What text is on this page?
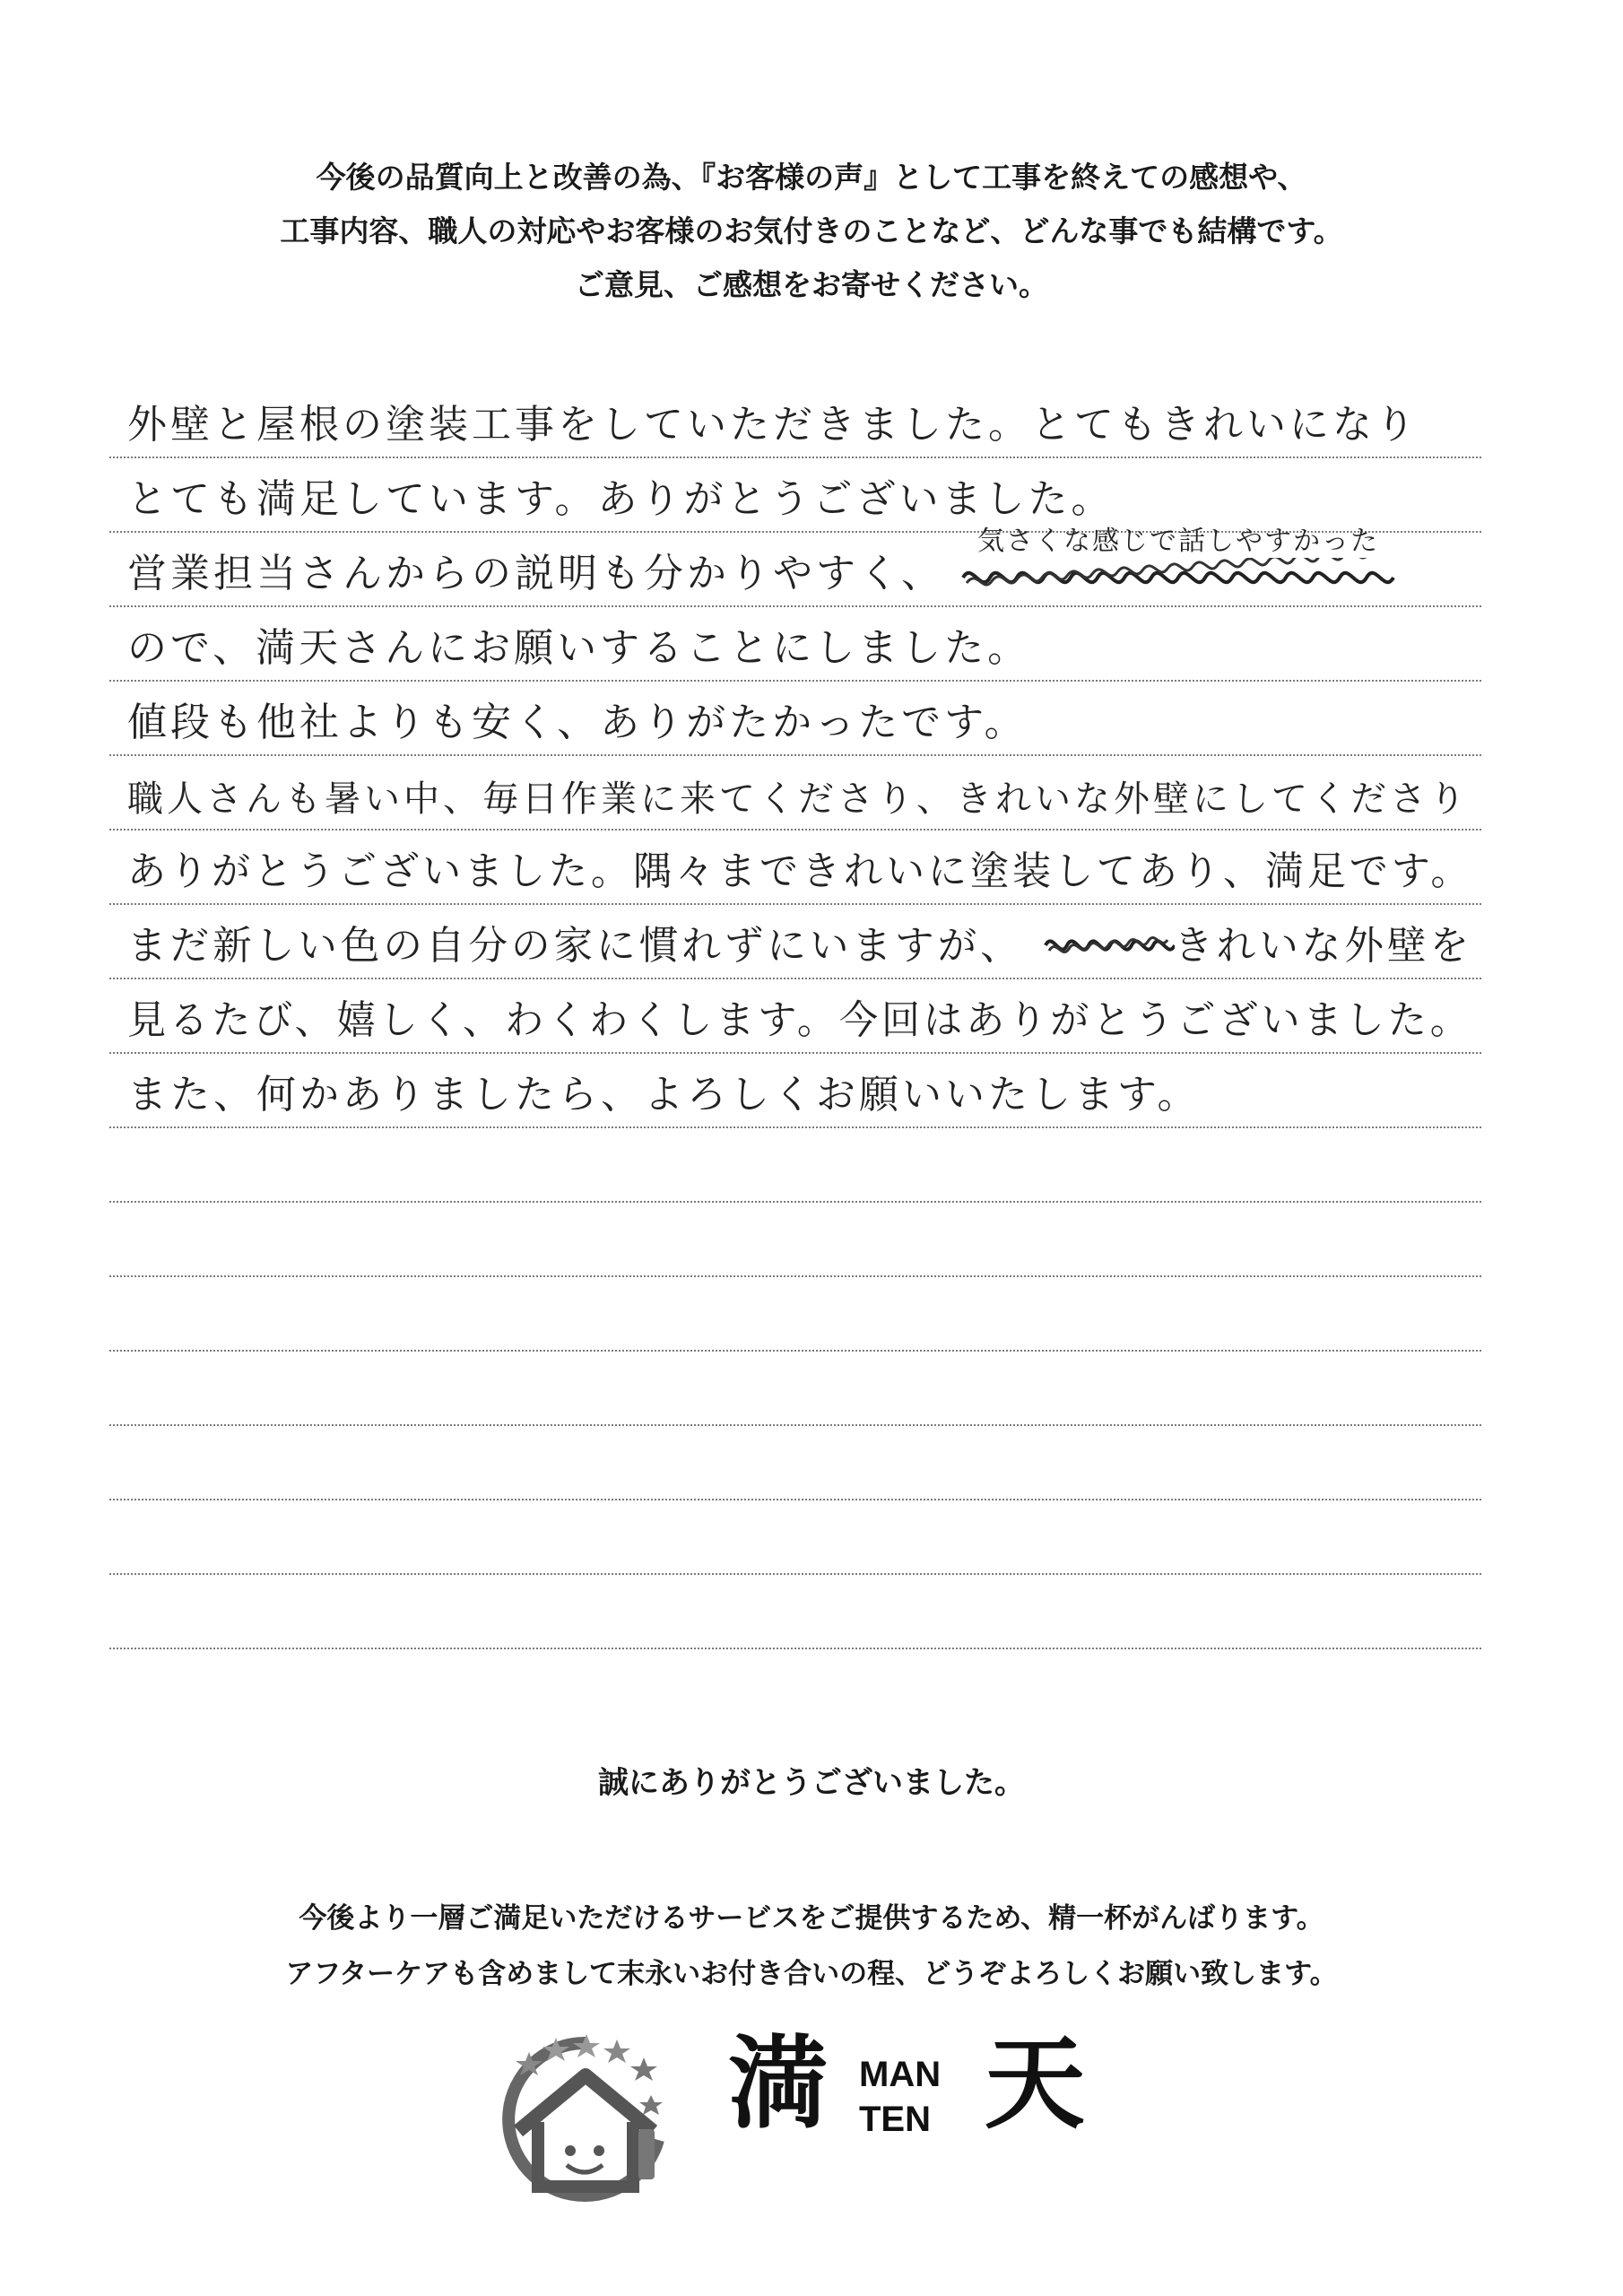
今後の品質向上と改善の為、『お客様の声』として工事を終えての感想や、
工事内容、職人の対応やお客様のお気付きのことなど、どんな事でも結構です。
ご意見、ご感想をお寄せください。
外壁と屋根の塗装工事をしていただきました。とてもきれいになり
とても満足しています。ありがとうございました。
営業担当さんからの説明も分かりやすく、
ので、満天さんにお願いすることにしました。
値段も他社よりも安く、ありがたかったです。
職人さんも暑い中、毎日作業に来てくださり、きれいな外壁にしてくださり
ありがとうございました。隅々まできれいに塗装してあり、満足です。
まだ新しい色の自分の家に慣れずにいますが、　　　　きれいな外壁を
見るたび、嬉しく、わくわくします。今回はありがとうございました。
また、何かありましたら、よろしくお願いいたします。
気さくな感じで話しやすかった
誠にありがとうございました。
今後より一層ご満足いただけるサービスをご提供するため、精一杯がんばります。
アフターケアも含めまして末永いお付き合いの程、どうぞよろしくお願い致します。
満 MAN
TEN 天
